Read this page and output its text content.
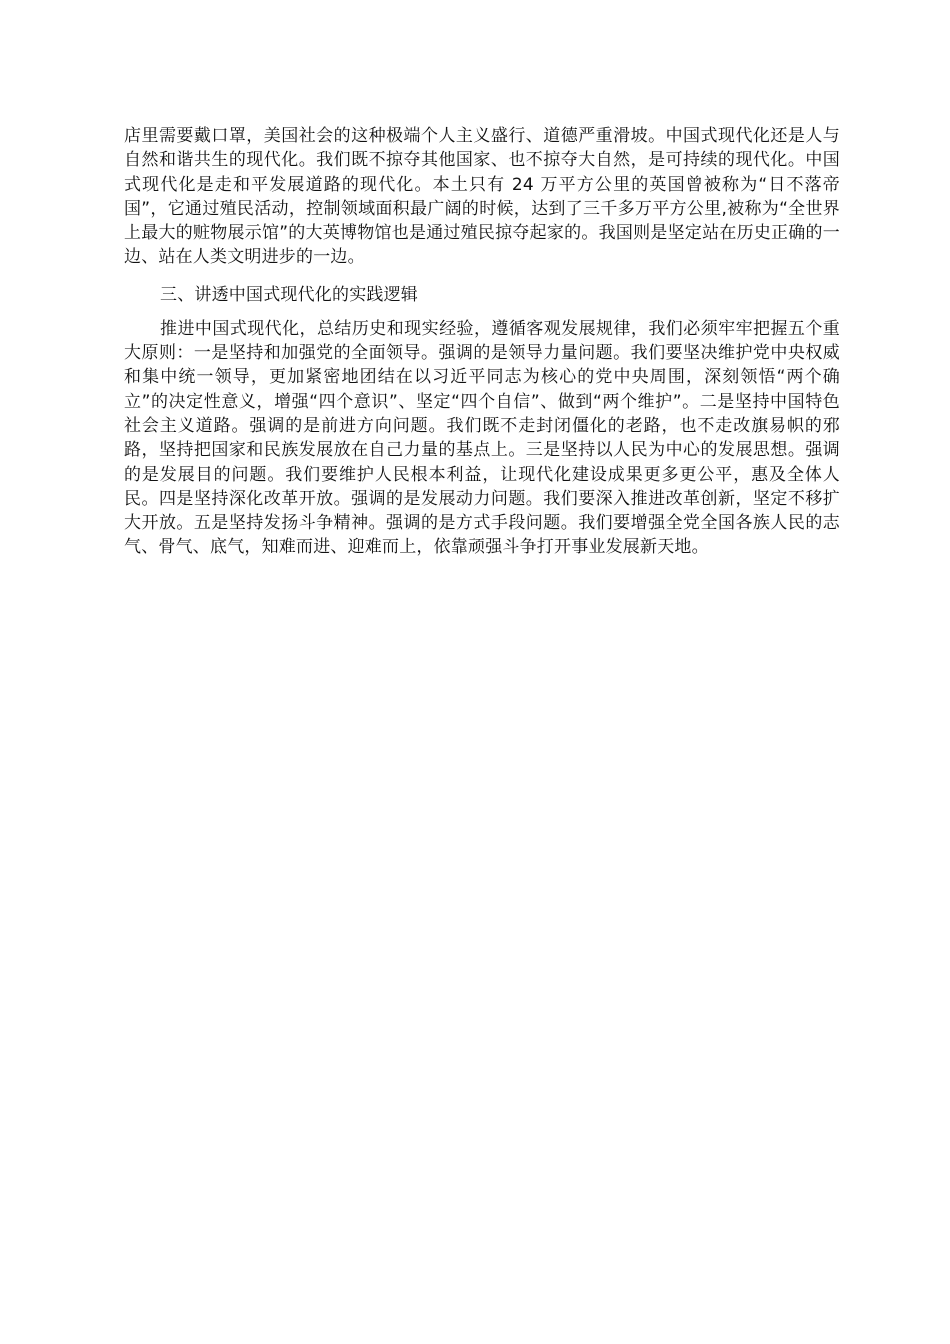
店里需要戴口罩，美国社会的这种极端个人主义盛行、道德严重滑坡。中国式现代化还是人与自然和谐共生的现代化。我们既不掠夺其他国家、也不掠夺大自然，是可持续的现代化。中国式现代化是走和平发展道路的现代化。本土只有 24 万平方公里的英国曾被称为“日不落帝国”，它通过殖民活动，控制领域面积最广阔的时候，达到了三千多万平方公里,被称为“全世界上最大的赃物展示馆”的大英博物馆也是通过殖民掠夺起家的。我国则是坚定站在历史正确的一边、站在人类文明进步的一边。

三、讲透中国式现代化的实践逻辑

推进中国式现代化，总结历史和现实经验，遵循客观发展规律，我们必须牢牢把握五个重大原则：一是坚持和加强党的全面领导。强调的是领导力量问题。我们要坚决维护党中央权威和集中统一领导，更加紧密地团结在以习近平同志为核心的党中央周围，深刻领悟“两个确立”的决定性意义，增强“四个意识”、坚定“四个自信”、做到“两个维护”。二是坚持中国特色社会主义道路。强调的是前进方向问题。我们既不走封闭僵化的老路，也不走改旗易帜的邪路，坚持把国家和民族发展放在自己力量的基点上。三是坚持以人民为中心的发展思想。强调的是发展目的问题。我们要维护人民根本利益，让现代化建设成果更多更公平，惠及全体人民。四是坚持深化改革开放。强调的是发展动力问题。我们要深入推进改革创新，坚定不移扩大开放。五是坚持发扬斗争精神。强调的是方式手段问题。我们要增强全党全国各族人民的志气、骨气、底气，知难而进、迎难而上，依靠顽强斗争打开事业发展新天地。
